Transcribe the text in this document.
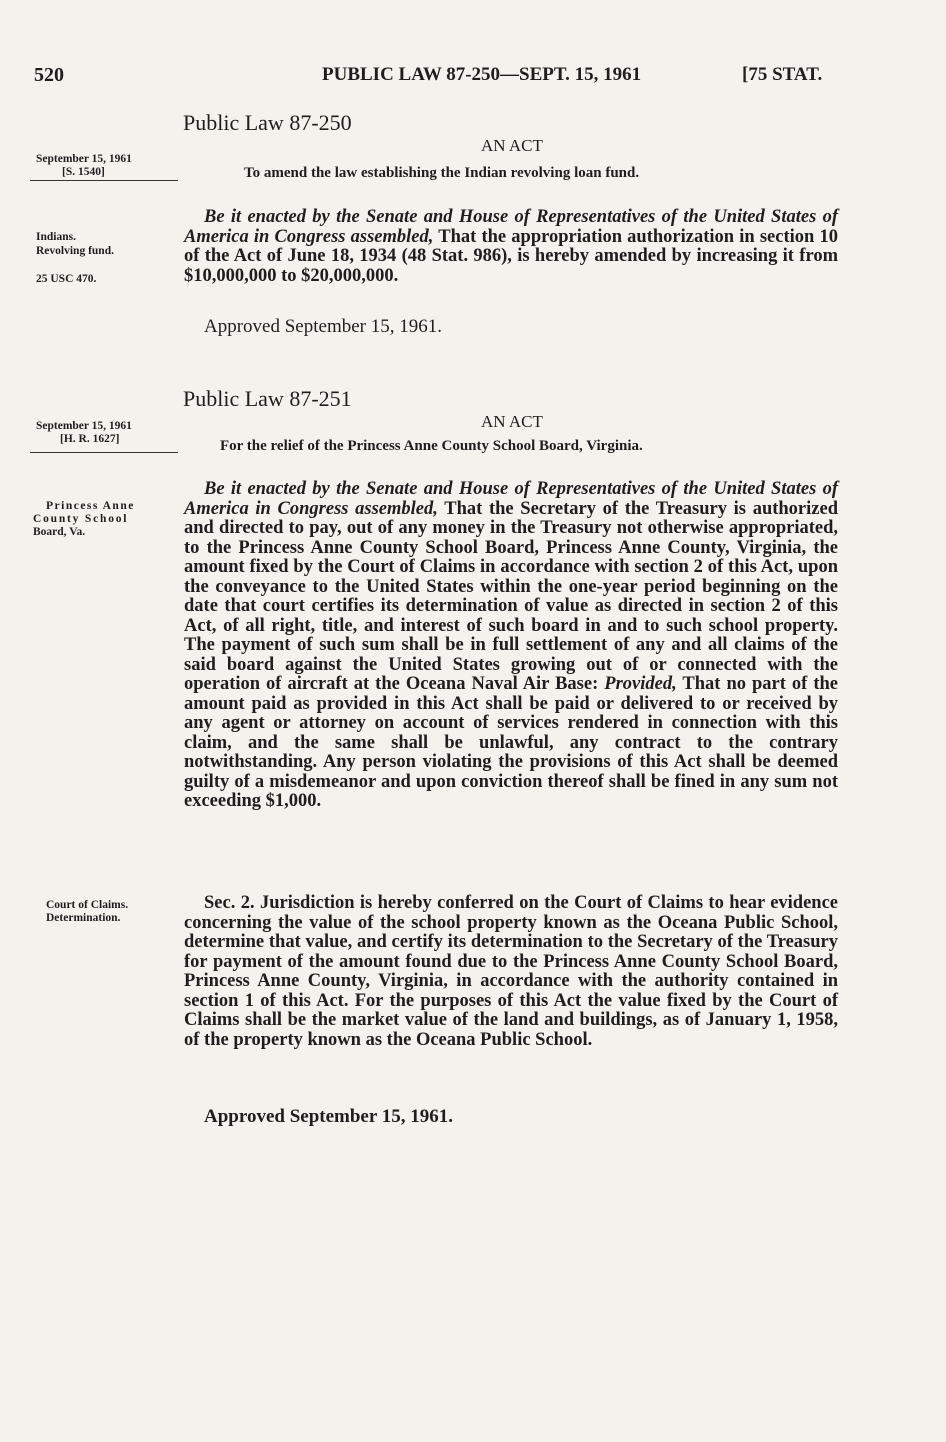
520	PUBLIC LAW 87-250—SEPT. 15, 1961	[75 STAT.
Public Law 87-250
AN ACT
September 15, 1961
[S. 1540]	To amend the law establishing the Indian revolving loan fund.
Indians.
Revolving fund.
25 USC 470.

Be it enacted by the Senate and House of Representatives of the United States of America in Congress assembled, That the appropriation authorization in section 10 of the Act of June 18, 1934 (48 Stat. 986), is hereby amended by increasing it from $10,000,000 to $20,000,000.

Approved September 15, 1961.
Public Law 87-251
AN ACT
September 15, 1961
[H. R. 1627]	For the relief of the Princess Anne County School Board, Virginia.
Princess Anne
County School
Board, Va.

Be it enacted by the Senate and House of Representatives of the United States of America in Congress assembled, That the Secretary of the Treasury is authorized and directed to pay, out of any money in the Treasury not otherwise appropriated, to the Princess Anne County School Board, Princess Anne County, Virginia, the amount fixed by the Court of Claims in accordance with section 2 of this Act, upon the conveyance to the United States within the one-year period beginning on the date that court certifies its determination of value as directed in section 2 of this Act, of all right, title, and interest of such board in and to such school property. The payment of such sum shall be in full settlement of any and all claims of the said board against the United States growing out of or connected with the operation of aircraft at the Oceana Naval Air Base: Provided, That no part of the amount paid as provided in this Act shall be paid or delivered to or received by any agent or attorney on account of services rendered in connection with this claim, and the same shall be unlawful, any contract to the contrary notwithstanding. Any person violating the provisions of this Act shall be deemed guilty of a misdemeanor and upon conviction thereof shall be fined in any sum not exceeding $1,000.

Court of Claims.
Determination.

Sec. 2. Jurisdiction is hereby conferred on the Court of Claims to hear evidence concerning the value of the school property known as the Oceana Public School, determine that value, and certify its determination to the Secretary of the Treasury for payment of the amount found due to the Princess Anne County School Board, Princess Anne County, Virginia, in accordance with the authority contained in section 1 of this Act. For the purposes of this Act the value fixed by the Court of Claims shall be the market value of the land and buildings, as of January 1, 1958, of the property known as the Oceana Public School.

Approved September 15, 1961.
